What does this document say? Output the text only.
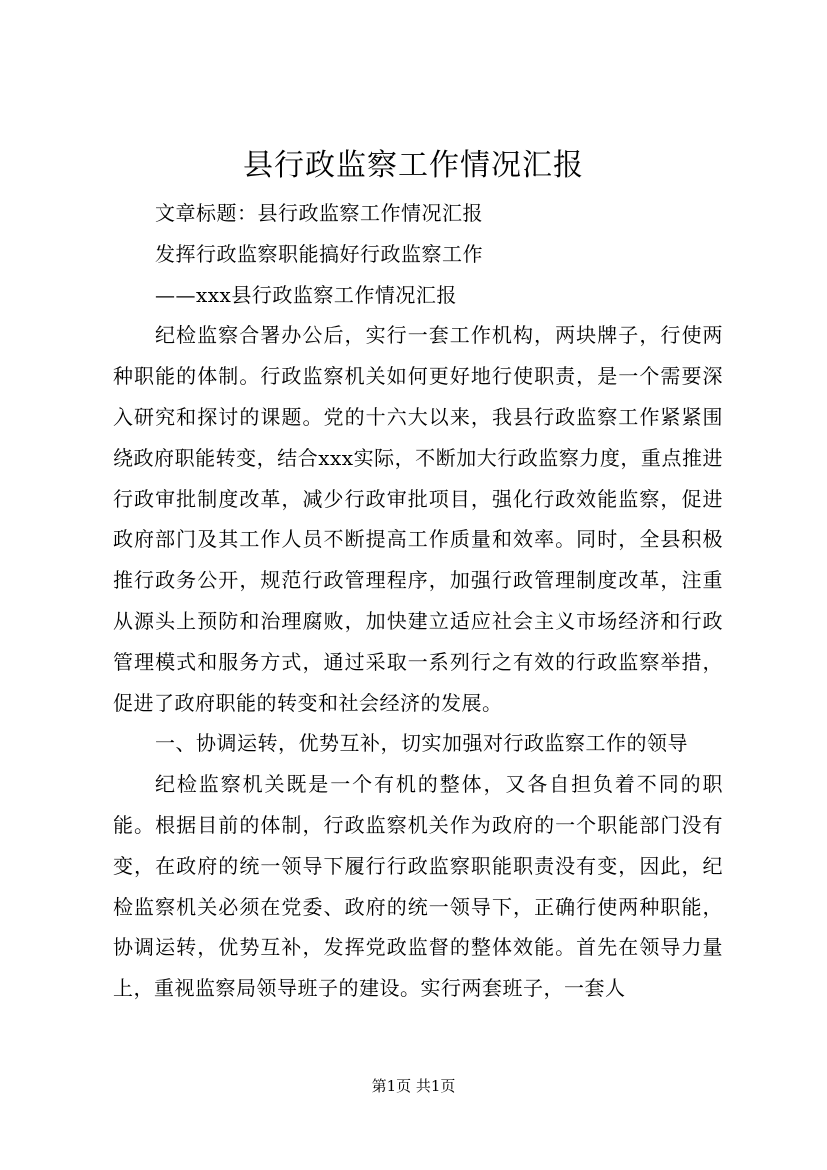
县行政监察工作情况汇报

文章标题：县行政监察工作情况汇报

发挥行政监察职能搞好行政监察工作

——xxx县行政监察工作情况汇报

纪检监察合署办公后，实行一套工作机构，两块牌子，行使两种职能的体制。行政监察机关如何更好地行使职责，是一个需要深入研究和探讨的课题。党的十六大以来，我县行政监察工作紧紧围绕政府职能转变，结合xxx实际，不断加大行政监察力度，重点推进行政审批制度改革，减少行政审批项目，强化行政效能监察，促进政府部门及其工作人员不断提高工作质量和效率。同时，全县积极推行政务公开，规范行政管理程序，加强行政管理制度改革，注重从源头上预防和治理腐败，加快建立适应社会主义市场经济和行政管理模式和服务方式，通过采取一系列行之有效的行政监察举措，促进了政府职能的转变和社会经济的发展。

一、协调运转，优势互补，切实加强对行政监察工作的领导

纪检监察机关既是一个有机的整体，又各自担负着不同的职能。根据目前的体制，行政监察机关作为政府的一个职能部门没有变，在政府的统一领导下履行行政监察职能职责没有变，因此，纪检监察机关必须在党委、政府的统一领导下，正确行使两种职能，协调运转，优势互补，发挥党政监督的整体效能。首先在领导力量上，重视监察局领导班子的建设。实行两套班子，一套人

第1页 共1页
